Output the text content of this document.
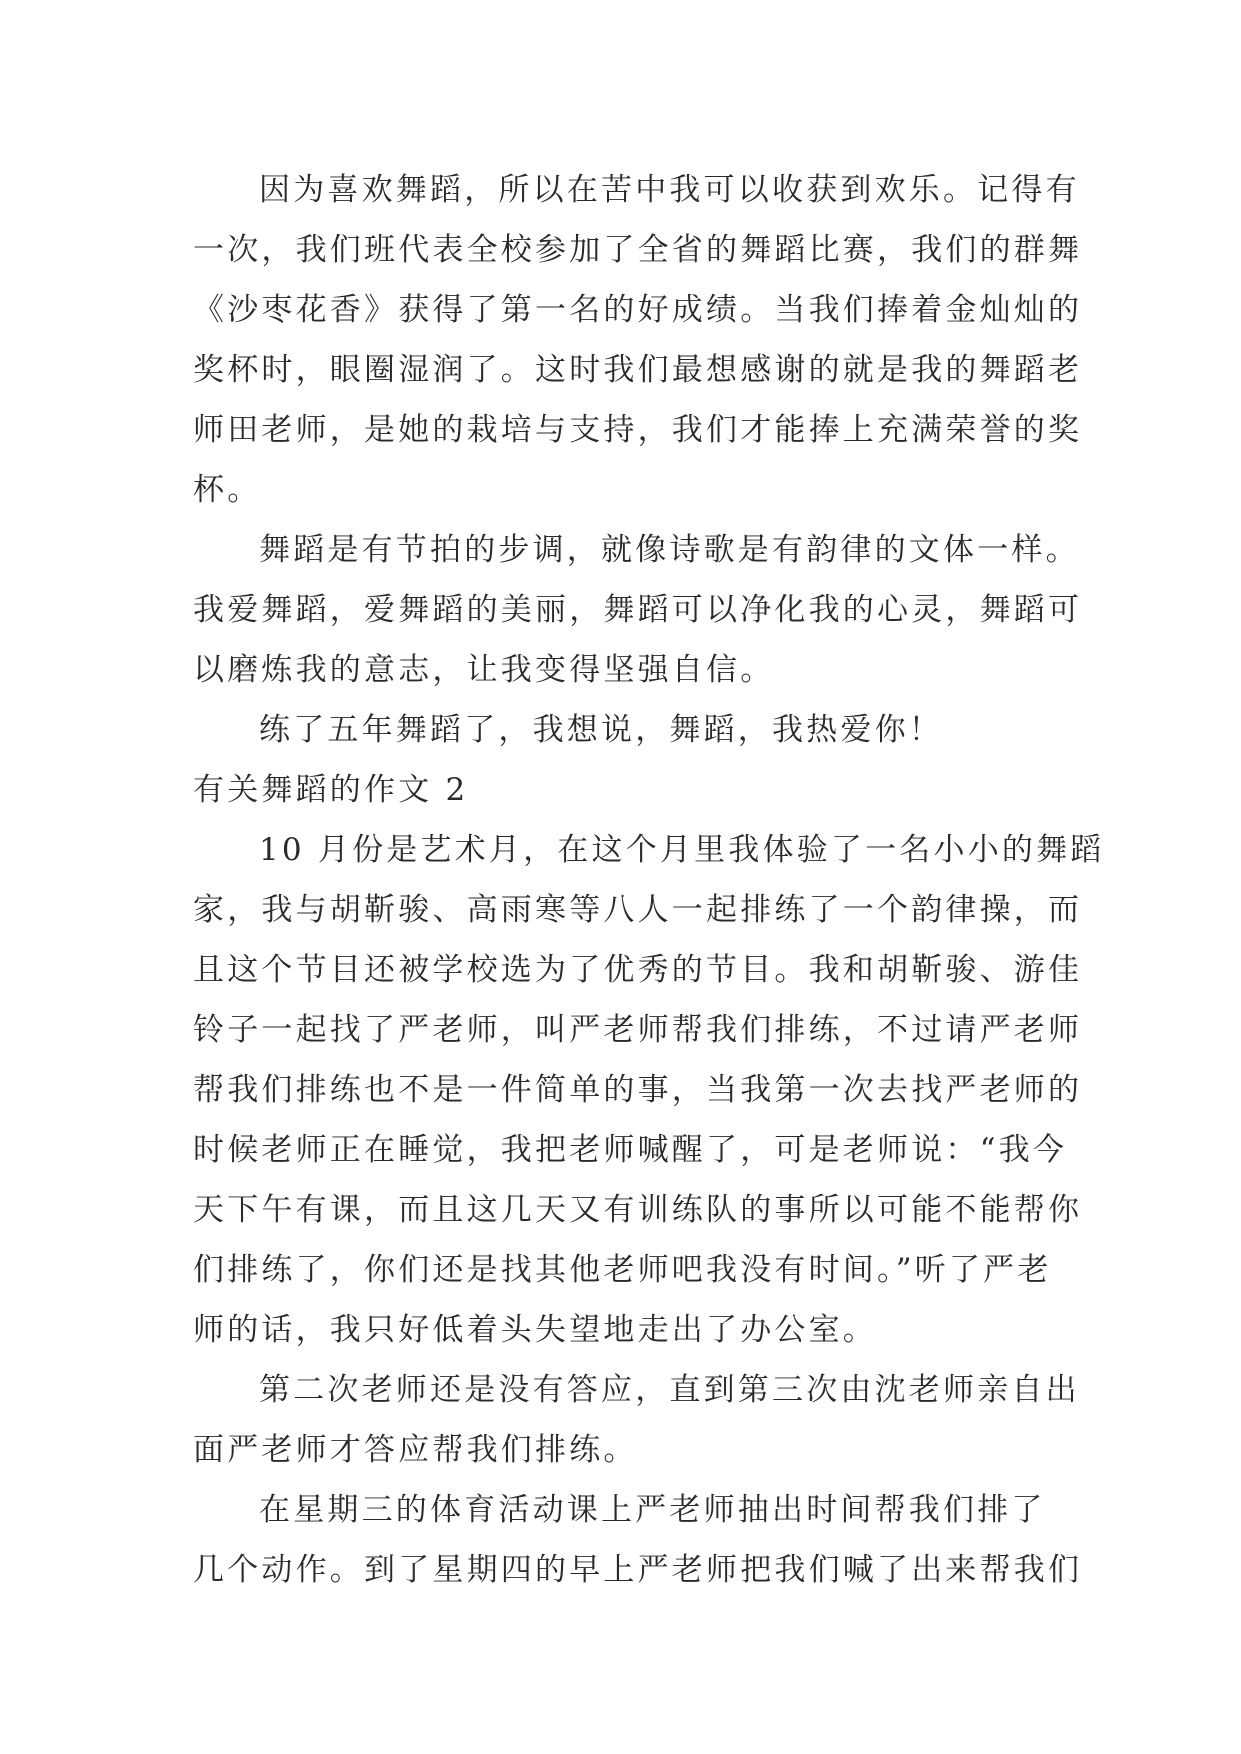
因为喜欢舞蹈，所以在苦中我可以收获到欢乐。记得有
一次，我们班代表全校参加了全省的舞蹈比赛，我们的群舞
《沙枣花香》获得了第一名的好成绩。当我们捧着金灿灿的
奖杯时，眼圈湿润了。这时我们最想感谢的就是我的舞蹈老
师田老师，是她的栽培与支持，我们才能捧上充满荣誉的奖
杯。
舞蹈是有节拍的步调，就像诗歌是有韵律的文体一样。
我爱舞蹈，爱舞蹈的美丽，舞蹈可以净化我的心灵，舞蹈可
以磨炼我的意志，让我变得坚强自信。
练了五年舞蹈了，我想说，舞蹈，我热爱你！
有关舞蹈的作文 2
10 月份是艺术月，在这个月里我体验了一名小小的舞蹈
家，我与胡靳骏、高雨寒等八人一起排练了一个韵律操，而
且这个节目还被学校选为了优秀的节目。我和胡靳骏、游佳
铃子一起找了严老师，叫严老师帮我们排练，不过请严老师
帮我们排练也不是一件简单的事，当我第一次去找严老师的
时候老师正在睡觉，我把老师喊醒了，可是老师说：“我今
天下午有课，而且这几天又有训练队的事所以可能不能帮你
们排练了，你们还是找其他老师吧我没有时间。”听了严老
师的话，我只好低着头失望地走出了办公室。
第二次老师还是没有答应，直到第三次由沈老师亲自出
面严老师才答应帮我们排练。
在星期三的体育活动课上严老师抽出时间帮我们排了
几个动作。到了星期四的早上严老师把我们喊了出来帮我们
